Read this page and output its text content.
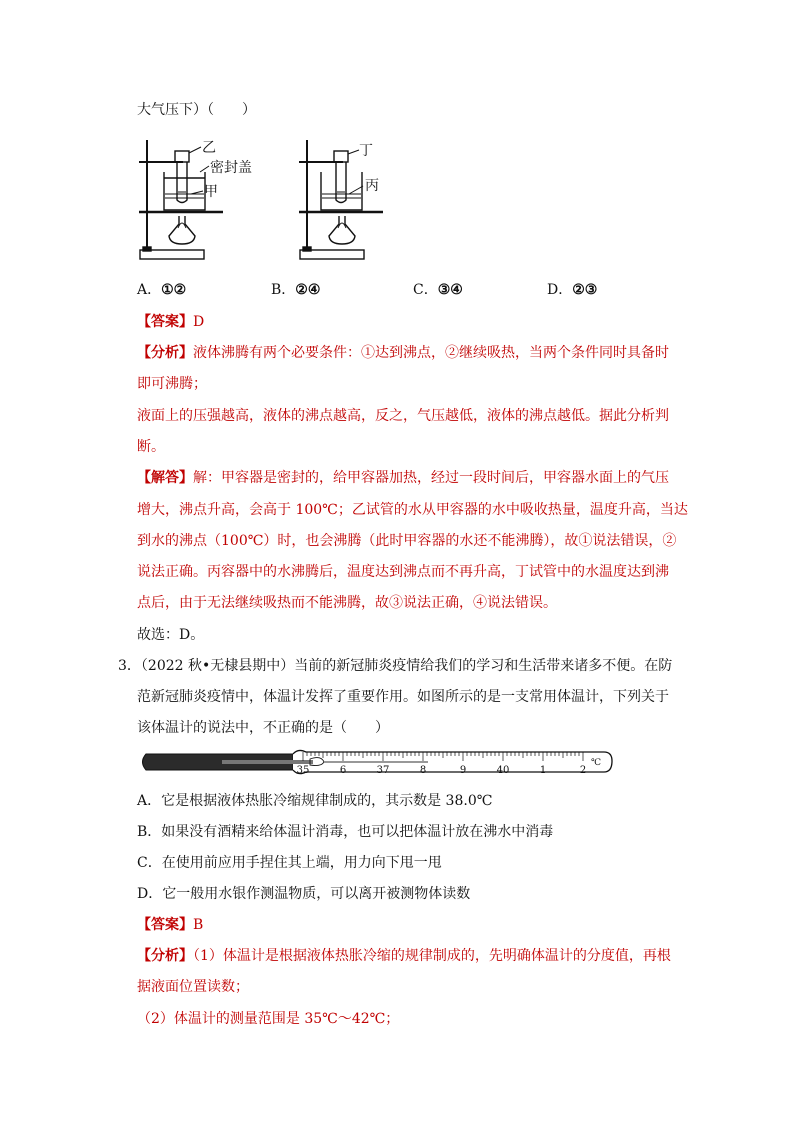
大气压下）（　　）
乙
密封盖
甲
丁
丙
A．①②	B．②④	C．③④	D．②③
【答案】D
【分析】液体沸腾有两个必要条件：①达到沸点，②继续吸热，当两个条件同时具备时
即可沸腾；
液面上的压强越高，液体的沸点越高，反之，气压越低，液体的沸点越低。据此分析判
断。
【解答】解：甲容器是密封的，给甲容器加热，经过一段时间后，甲容器水面上的气压
增大，沸点升高，会高于 100℃；乙试管的水从甲容器的水中吸收热量，温度升高，当达
到水的沸点（100℃）时，也会沸腾（此时甲容器的水还不能沸腾），故①说法错误，②
说法正确。丙容器中的水沸腾后，温度达到沸点而不再升高，丁试管中的水温度达到沸
点后，由于无法继续吸热而不能沸腾，故③说法正确，④说法错误。
故选：D。
3．（2022 秋•无棣县期中）当前的新冠肺炎疫情给我们的学习和生活带来诸多不便。在防
范新冠肺炎疫情中，体温计发挥了重要作用。如图所示的是一支常用体温计，下列关于
该体温计的说法中，不正确的是（　　）
35	6	37	8	9	40	1	2
℃
A．它是根据液体热胀冷缩规律制成的，其示数是 38.0℃
B．如果没有酒精来给体温计消毒，也可以把体温计放在沸水中消毒
C．在使用前应用手捏住其上端，用力向下甩一甩
D．它一般用水银作测温物质，可以离开被测物体读数
【答案】B
【分析】（1）体温计是根据液体热胀冷缩的规律制成的，先明确体温计的分度值，再根
据液面位置读数；
（2）体温计的测量范围是 35℃～42℃；
